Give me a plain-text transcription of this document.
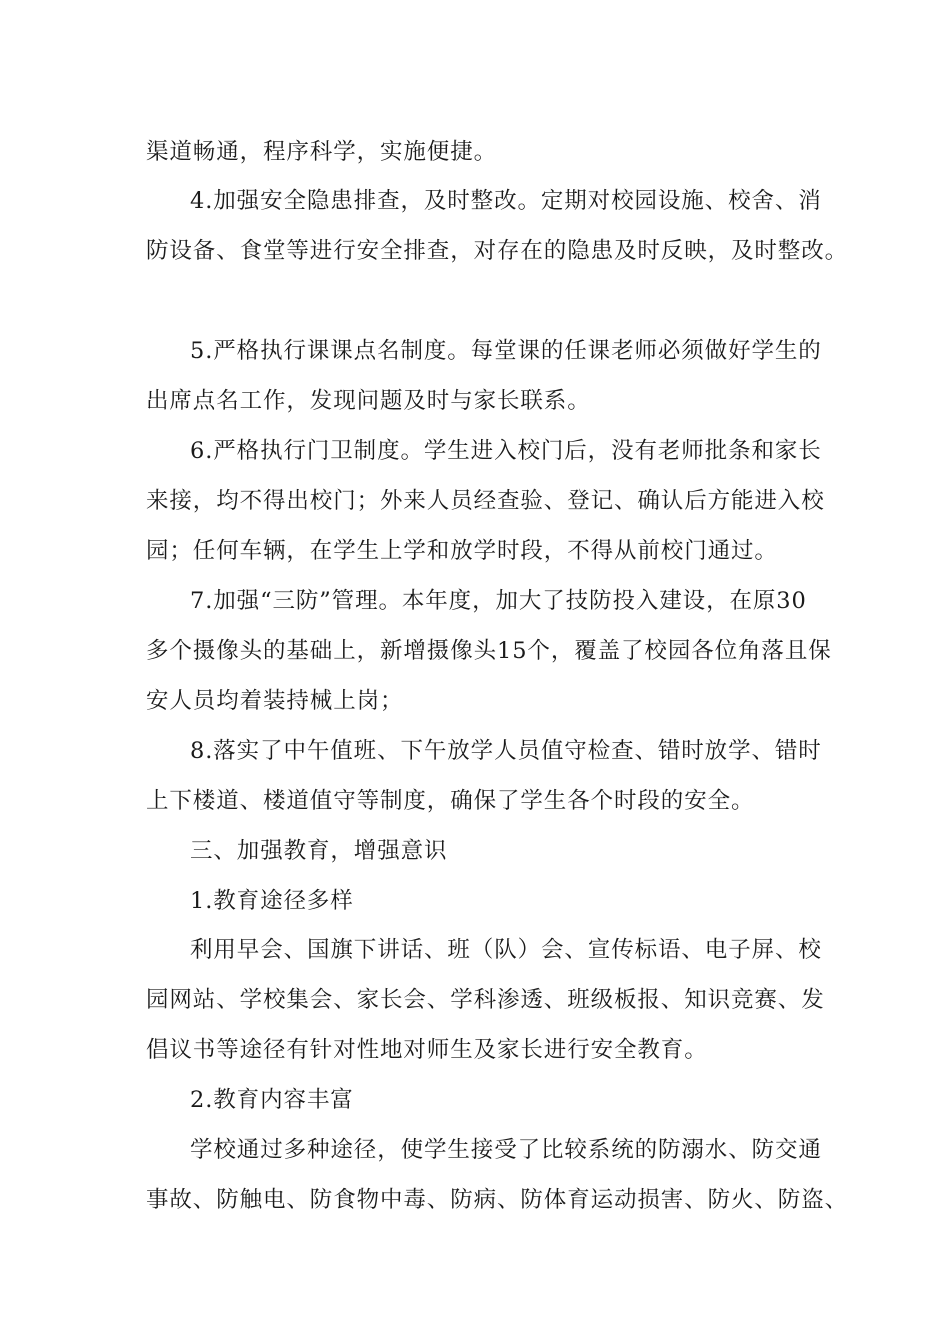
渠道畅通，程序科学，实施便捷。
4.加强安全隐患排查，及时整改。定期对校园设施、校舍、消
防设备、食堂等进行安全排查，对存在的隐患及时反映，及时整改。
5.严格执行课课点名制度。每堂课的任课老师必须做好学生的
出席点名工作，发现问题及时与家长联系。
6.严格执行门卫制度。学生进入校门后，没有老师批条和家长
来接，均不得出校门；外来人员经查验、登记、确认后方能进入校
园；任何车辆，在学生上学和放学时段，不得从前校门通过。
7.加强“三防”管理。本年度，加大了技防投入建设，在原30
多个摄像头的基础上，新增摄像头15个，覆盖了校园各位角落且保
安人员均着装持械上岗；
8.落实了中午值班、下午放学人员值守检查、错时放学、错时
上下楼道、楼道值守等制度，确保了学生各个时段的安全。
三、加强教育，增强意识
1.教育途径多样
利用早会、国旗下讲话、班（队）会、宣传标语、电子屏、校
园网站、学校集会、家长会、学科渗透、班级板报、知识竞赛、发
倡议书等途径有针对性地对师生及家长进行安全教育。
2.教育内容丰富
学校通过多种途径，使学生接受了比较系统的防溺水、防交通
事故、防触电、防食物中毒、防病、防体育运动损害、防火、防盗、
